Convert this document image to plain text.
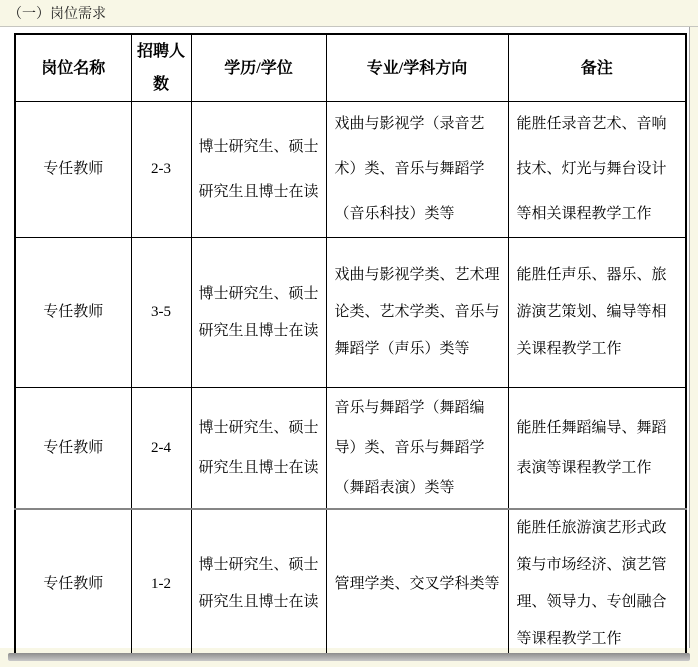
（一）岗位需求
岗位名称	招聘人数	学历/学位	专业/学科方向	备注
专任教师	2-3	博士研究生、硕士研究生且博士在读	戏曲与影视学（录音艺术）类、音乐与舞蹈学（音乐科技）类等	能胜任录音艺术、音响技术、灯光与舞台设计等相关课程教学工作
专任教师	3-5	博士研究生、硕士研究生且博士在读	戏曲与影视学类、艺术理论类、艺术学类、音乐与舞蹈学（声乐）类等	能胜任声乐、器乐、旅游演艺策划、编导等相关课程教学工作
专任教师	2-4	博士研究生、硕士研究生且博士在读	音乐与舞蹈学（舞蹈编导）类、音乐与舞蹈学（舞蹈表演）类等	能胜任舞蹈编导、舞蹈表演等课程教学工作
专任教师	1-2	博士研究生、硕士研究生且博士在读	管理学类、交叉学科类等	能胜任旅游演艺形式政策与市场经济、演艺管理、领导力、专创融合等课程教学工作
